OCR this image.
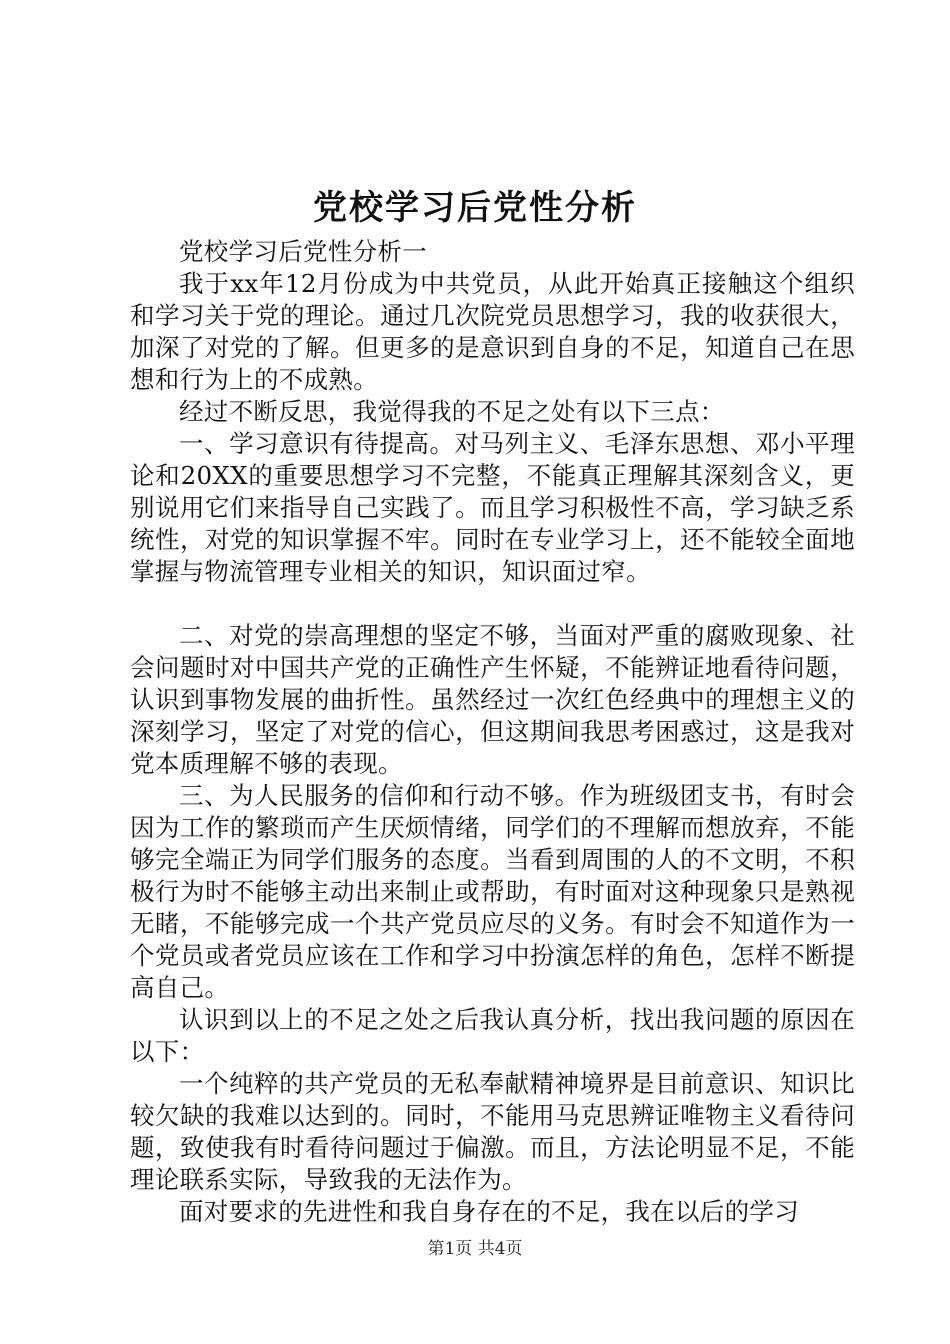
党校学习后党性分析

党校学习后党性分析一

我于xx年12月份成为中共党员，从此开始真正接触这个组织和学习关于党的理论。通过几次院党员思想学习，我的收获很大，加深了对党的了解。但更多的是意识到自身的不足，知道自己在思想和行为上的不成熟。

经过不断反思，我觉得我的不足之处有以下三点：

一、学习意识有待提高。对马列主义、毛泽东思想、邓小平理论和20XX的重要思想学习不完整，不能真正理解其深刻含义，更别说用它们来指导自己实践了。而且学习积极性不高，学习缺乏系统性，对党的知识掌握不牢。同时在专业学习上，还不能较全面地掌握与物流管理专业相关的知识，知识面过窄。

二、对党的崇高理想的坚定不够，当面对严重的腐败现象、社会问题时对中国共产党的正确性产生怀疑，不能辨证地看待问题，认识到事物发展的曲折性。虽然经过一次红色经典中的理想主义的深刻学习，坚定了对党的信心，但这期间我思考困惑过，这是我对党本质理解不够的表现。

三、为人民服务的信仰和行动不够。作为班级团支书，有时会因为工作的繁琐而产生厌烦情绪，同学们的不理解而想放弃，不能够完全端正为同学们服务的态度。当看到周围的人的不文明，不积极行为时不能够主动出来制止或帮助，有时面对这种现象只是熟视无睹，不能够完成一个共产党员应尽的义务。有时会不知道作为一个党员或者党员应该在工作和学习中扮演怎样的角色，怎样不断提高自己。

认识到以上的不足之处之后我认真分析，找出我问题的原因在以下：

一个纯粹的共产党员的无私奉献精神境界是目前意识、知识比较欠缺的我难以达到的。同时，不能用马克思辨证唯物主义看待问题，致使我有时看待问题过于偏激。而且，方法论明显不足，不能理论联系实际，导致我的无法作为。

面对要求的先进性和我自身存在的不足，我在以后的学习

第1页 共4页
